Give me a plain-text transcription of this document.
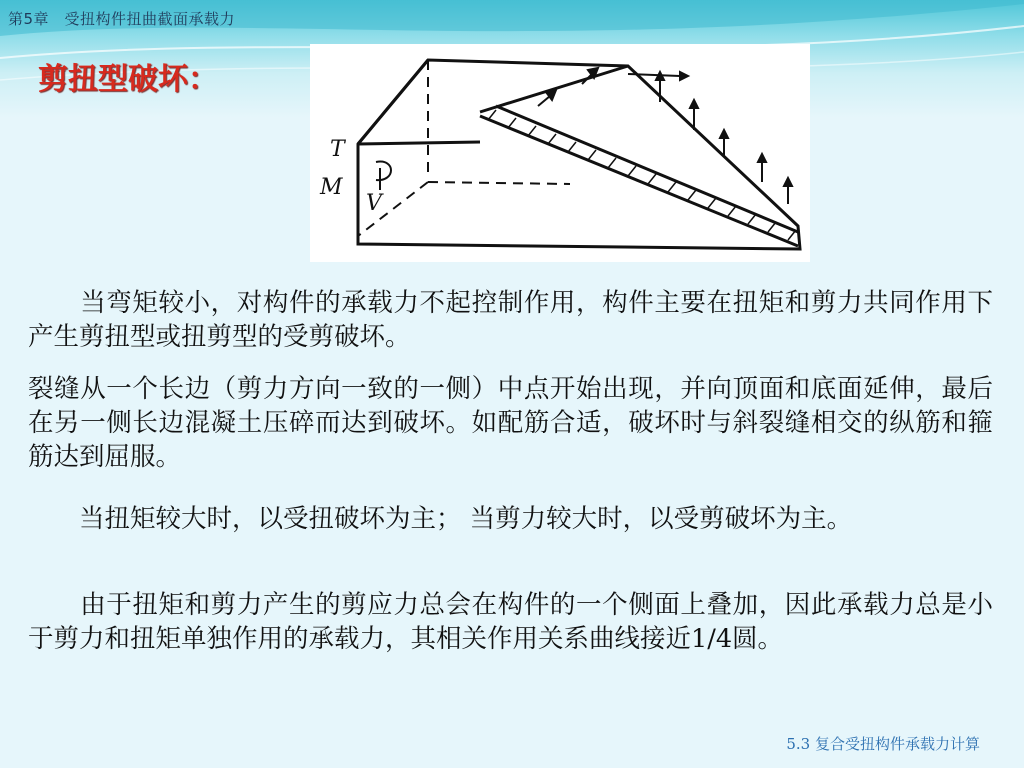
第5章　受扭构件扭曲截面承载力
剪扭型破坏：
T
M
V
　　当弯矩较小，对构件的承载力不起控制作用，构件主要在扭矩和剪力共同作用下产生剪扭型或扭剪型的受剪破坏。
裂缝从一个长边（剪力方向一致的一侧）中点开始出现，并向顶面和底面延伸，最后在另一侧长边混凝土压碎而达到破坏。如配筋合适，破坏时与斜裂缝相交的纵筋和箍筋达到屈服。
　　当扭矩较大时，以受扭破坏为主； 当剪力较大时，以受剪破坏为主。
　　由于扭矩和剪力产生的剪应力总会在构件的一个侧面上叠加，因此承载力总是小于剪力和扭矩单独作用的承载力，其相关作用关系曲线接近1/4圆。
5.3 复合受扭构件承载力计算
